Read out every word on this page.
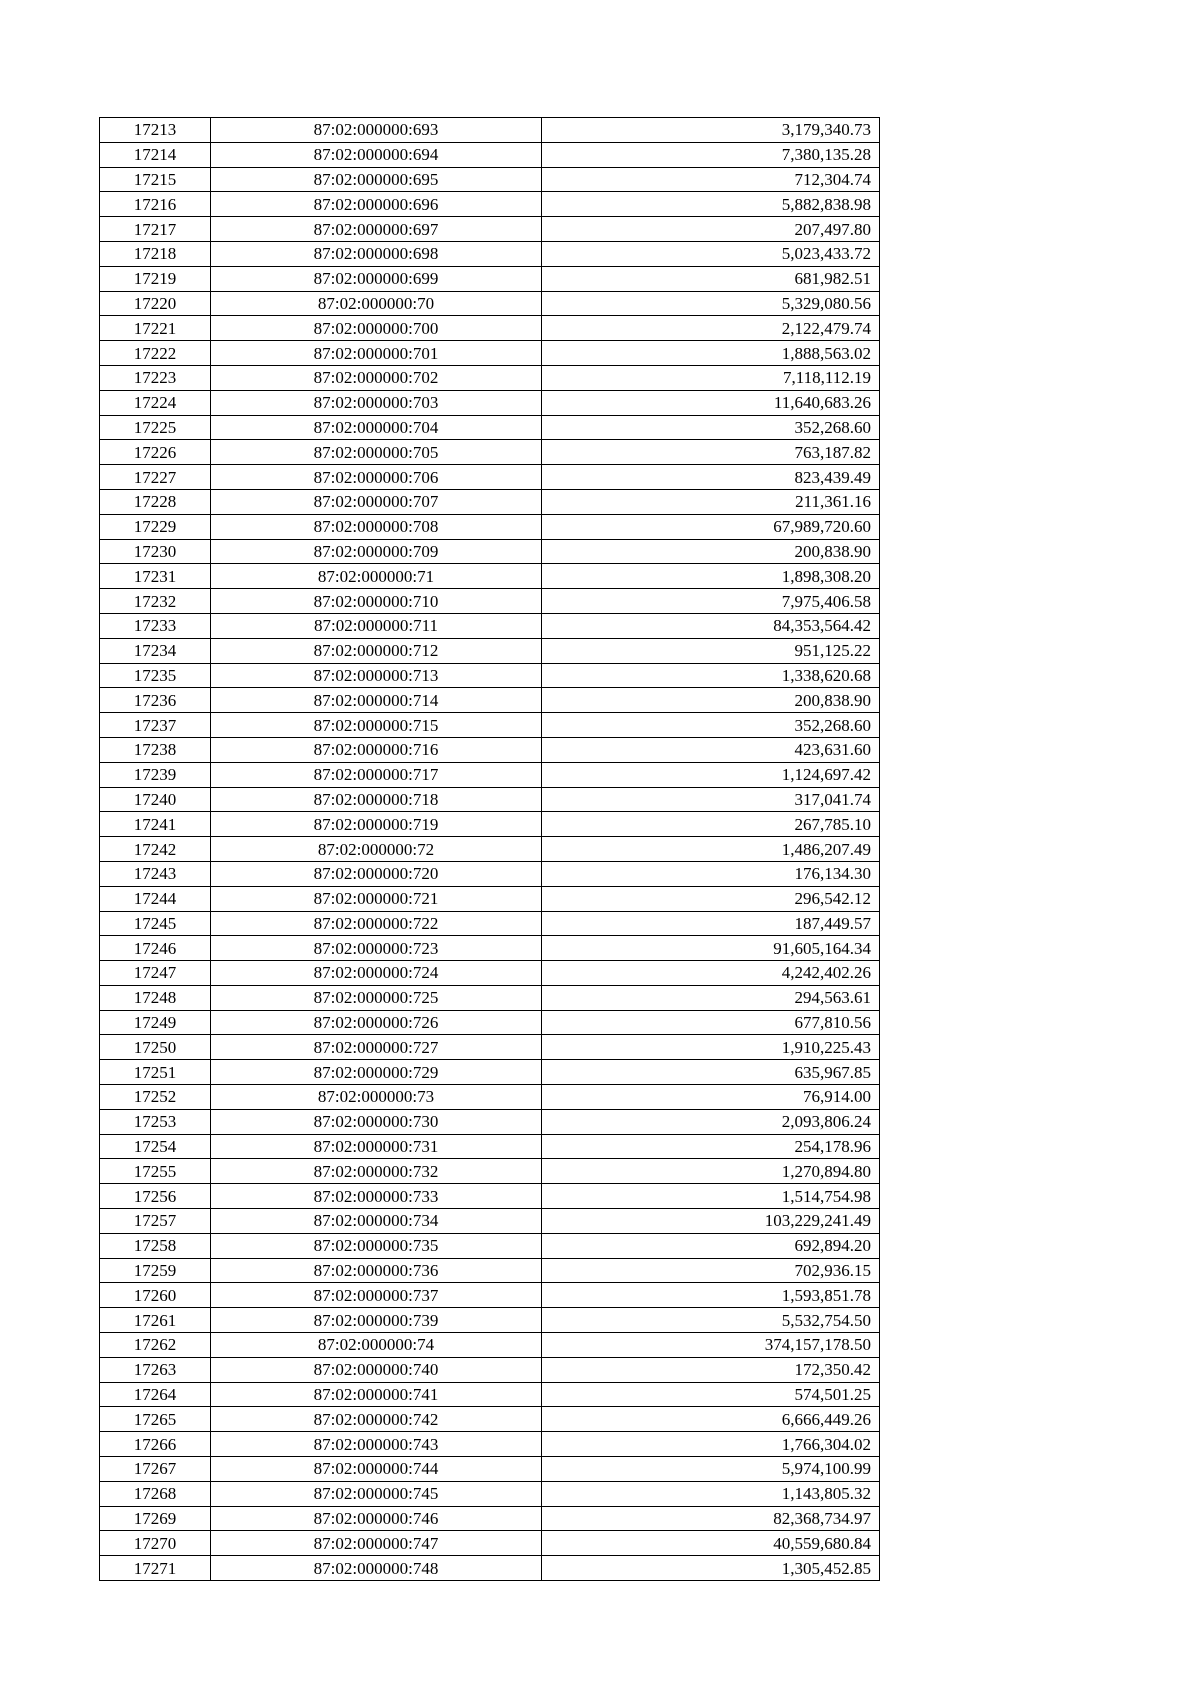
17213	87:02:000000:693	3,179,340.73
17214	87:02:000000:694	7,380,135.28
17215	87:02:000000:695	712,304.74
17216	87:02:000000:696	5,882,838.98
17217	87:02:000000:697	207,497.80
17218	87:02:000000:698	5,023,433.72
17219	87:02:000000:699	681,982.51
17220	87:02:000000:70	5,329,080.56
17221	87:02:000000:700	2,122,479.74
17222	87:02:000000:701	1,888,563.02
17223	87:02:000000:702	7,118,112.19
17224	87:02:000000:703	11,640,683.26
17225	87:02:000000:704	352,268.60
17226	87:02:000000:705	763,187.82
17227	87:02:000000:706	823,439.49
17228	87:02:000000:707	211,361.16
17229	87:02:000000:708	67,989,720.60
17230	87:02:000000:709	200,838.90
17231	87:02:000000:71	1,898,308.20
17232	87:02:000000:710	7,975,406.58
17233	87:02:000000:711	84,353,564.42
17234	87:02:000000:712	951,125.22
17235	87:02:000000:713	1,338,620.68
17236	87:02:000000:714	200,838.90
17237	87:02:000000:715	352,268.60
17238	87:02:000000:716	423,631.60
17239	87:02:000000:717	1,124,697.42
17240	87:02:000000:718	317,041.74
17241	87:02:000000:719	267,785.10
17242	87:02:000000:72	1,486,207.49
17243	87:02:000000:720	176,134.30
17244	87:02:000000:721	296,542.12
17245	87:02:000000:722	187,449.57
17246	87:02:000000:723	91,605,164.34
17247	87:02:000000:724	4,242,402.26
17248	87:02:000000:725	294,563.61
17249	87:02:000000:726	677,810.56
17250	87:02:000000:727	1,910,225.43
17251	87:02:000000:729	635,967.85
17252	87:02:000000:73	76,914.00
17253	87:02:000000:730	2,093,806.24
17254	87:02:000000:731	254,178.96
17255	87:02:000000:732	1,270,894.80
17256	87:02:000000:733	1,514,754.98
17257	87:02:000000:734	103,229,241.49
17258	87:02:000000:735	692,894.20
17259	87:02:000000:736	702,936.15
17260	87:02:000000:737	1,593,851.78
17261	87:02:000000:739	5,532,754.50
17262	87:02:000000:74	374,157,178.50
17263	87:02:000000:740	172,350.42
17264	87:02:000000:741	574,501.25
17265	87:02:000000:742	6,666,449.26
17266	87:02:000000:743	1,766,304.02
17267	87:02:000000:744	5,974,100.99
17268	87:02:000000:745	1,143,805.32
17269	87:02:000000:746	82,368,734.97
17270	87:02:000000:747	40,559,680.84
17271	87:02:000000:748	1,305,452.85
